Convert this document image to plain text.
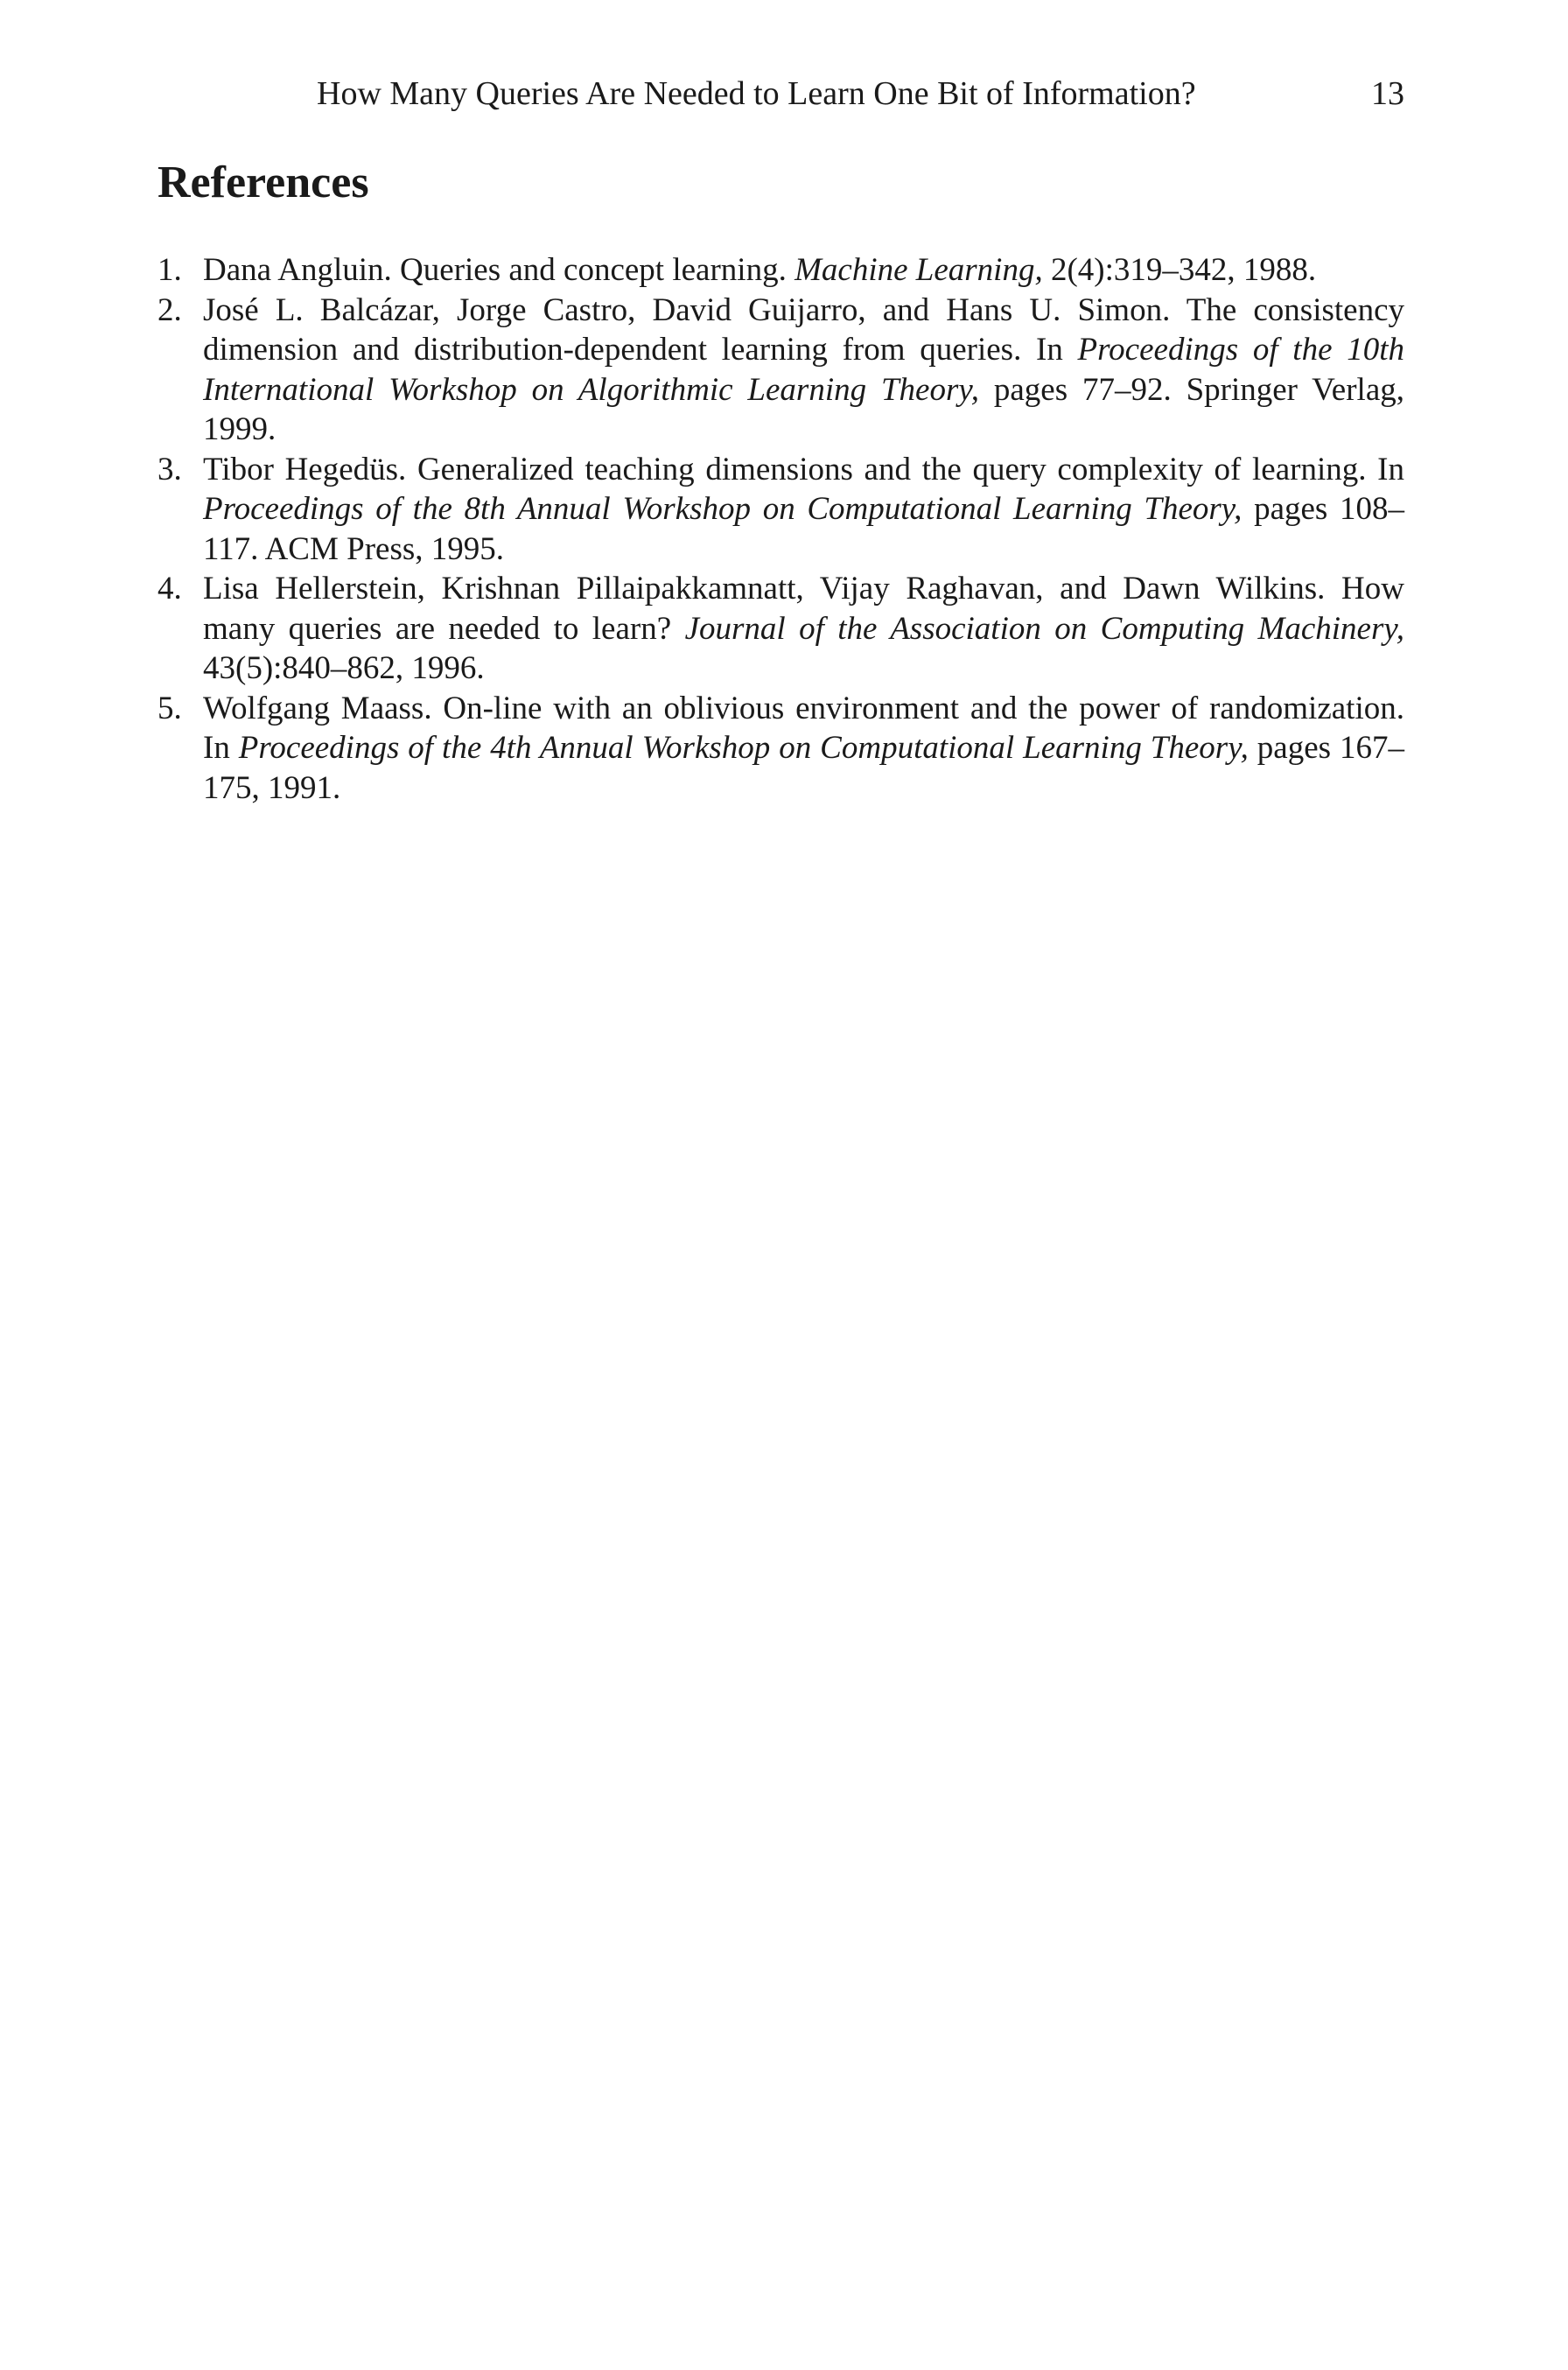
How Many Queries Are Needed to Learn One Bit of Information?	13
References
1. Dana Angluin. Queries and concept learning. Machine Learning, 2(4):319–342, 1988.
2. José L. Balcázar, Jorge Castro, David Guijarro, and Hans U. Simon. The consistency dimension and distribution-dependent learning from queries. In Proceedings of the 10th International Workshop on Algorithmic Learning Theory, pages 77–92. Springer Verlag, 1999.
3. Tibor Hegedüs. Generalized teaching dimensions and the query complexity of learning. In Proceedings of the 8th Annual Workshop on Computational Learning Theory, pages 108–117. ACM Press, 1995.
4. Lisa Hellerstein, Krishnan Pillaipakkamnatt, Vijay Raghavan, and Dawn Wilkins. How many queries are needed to learn? Journal of the Association on Computing Machinery, 43(5):840–862, 1996.
5. Wolfgang Maass. On-line with an oblivious environment and the power of randomization. In Proceedings of the 4th Annual Workshop on Computational Learning Theory, pages 167–175, 1991.
